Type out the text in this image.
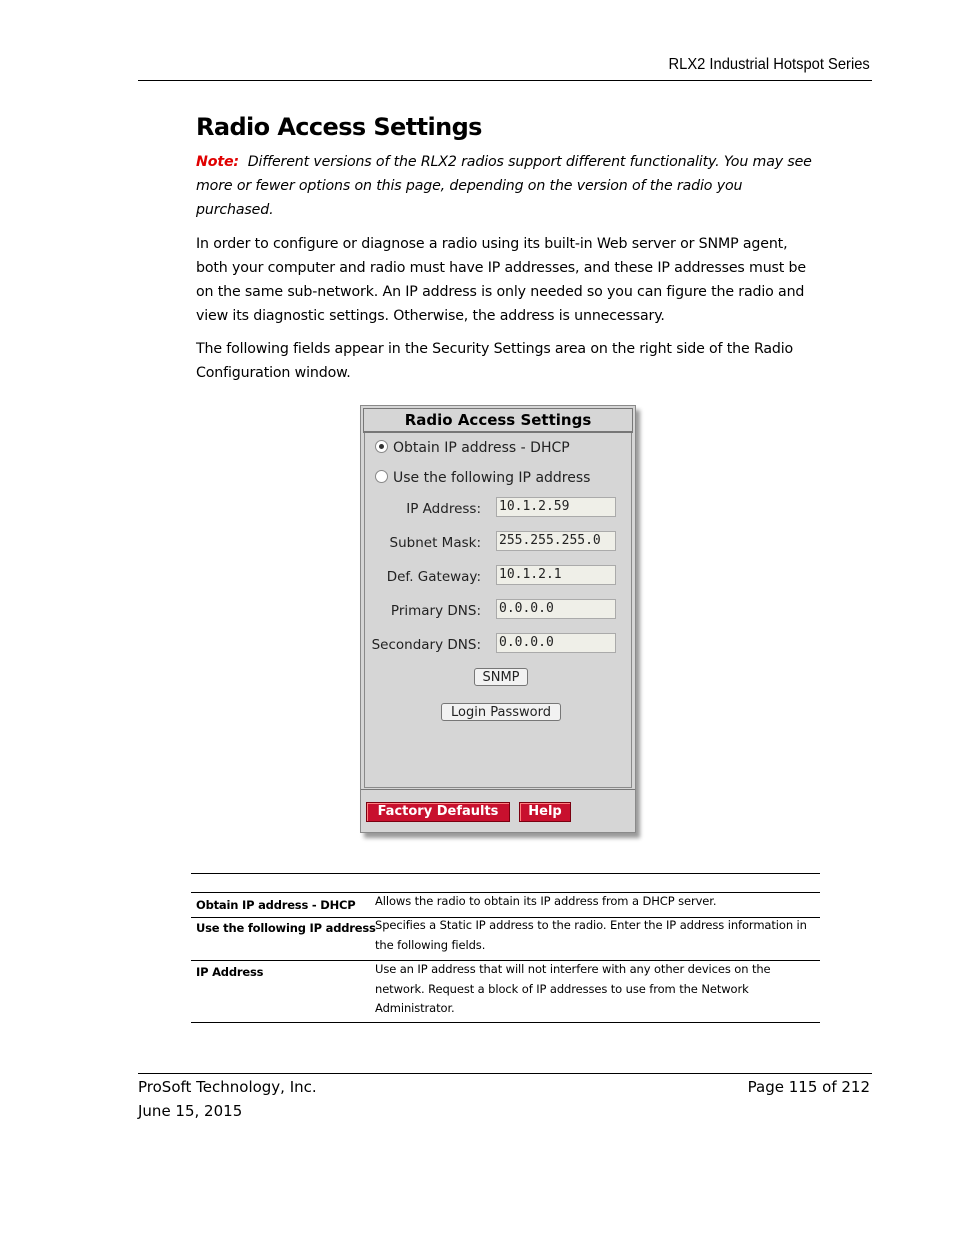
RLX2 Industrial Hotspot Series
Radio Access Settings
Note: Different versions of the RLX2 radios support different functionality. You may see more or fewer options on this page, depending on the version of the radio you purchased.
In order to configure or diagnose a radio using its built-in Web server or SNMP agent, both your computer and radio must have IP addresses, and these IP addresses must be on the same sub-network. An IP address is only needed so you can figure the radio and view its diagnostic settings. Otherwise, the address is unnecessary.
The following fields appear in the Security Settings area on the right side of the Radio Configuration window.
Radio Access Settings
Obtain IP address - DHCP
Use the following IP address
IP Address: 10.1.2.59
Subnet Mask: 255.255.255.0
Def. Gateway: 10.1.2.1
Primary DNS: 0.0.0.0
Secondary DNS: 0.0.0.0
SNMP
Login Password
Factory Defaults	Help
Obtain IP address - DHCP Allows the radio to obtain its IP address from a DHCP server.
Use the following IP address Specifies a Static IP address to the radio. Enter the IP address information in the following fields.
IP Address	Use an IP address that will not interfere with any other devices on the network. Request a block of IP addresses to use from the Network Administrator.
ProSoft Technology, Inc.
June 15, 2015
Page 115 of 212
